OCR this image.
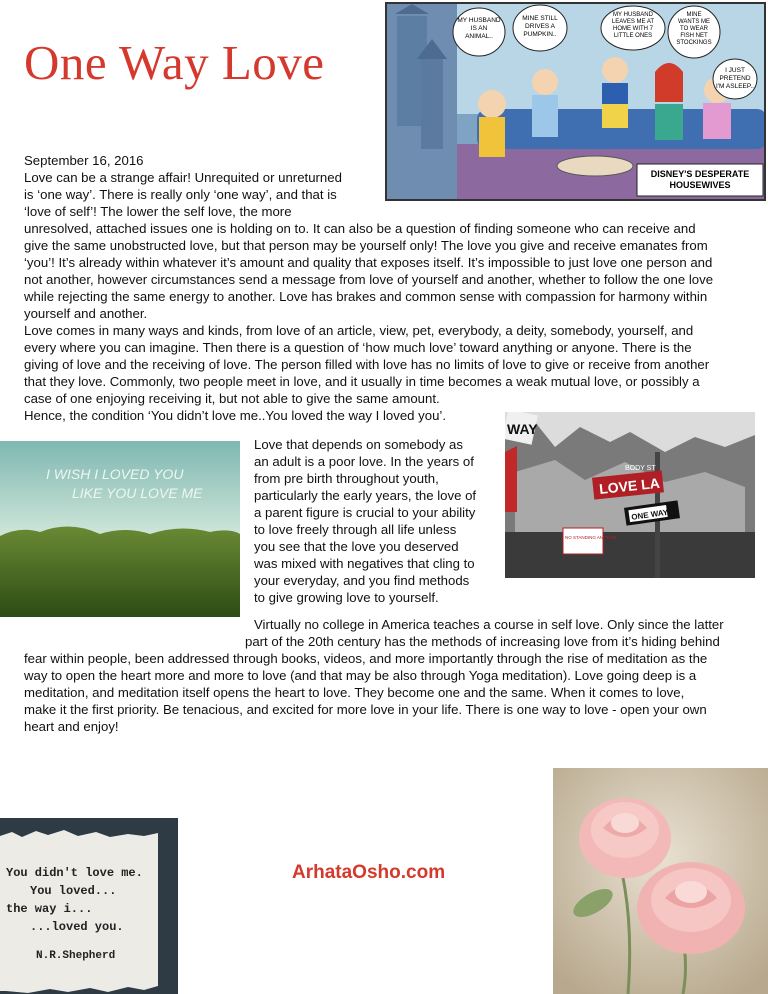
One Way Love
MY HUSBAND IS AN ANIMAL..
MINE STILL DRIVES A PUMPKIN..
MY HUSBAND LEAVES ME AT HOME WITH 7 LITTLE ONES
MINE WANTS ME TO WEAR FISH NET STOCKINGS
I JUST PRETEND I'M ASLEEP..
DISNEY'S DESPERATE HOUSEWIVES

September 16, 2016

Love can be a strange affair! Unrequited or unreturned

is ‘one way’. There is really only ‘one way’, and that is

‘love of self’! The lower the self love, the more

unresolved, attached issues one is holding on to. It can also be a question of finding someone who can receive and

give the same unobstructed love, but that person may be yourself only! The love you give and receive emanates from

‘you’! It’s already within whatever it’s amount and quality that exposes itself. It’s impossible to just love one person and

not another, however circumstances send a message from love of yourself and another, whether to follow the one love

while rejecting the same energy to another. Love has brakes and common sense with compassion for harmony within

yourself and another.

Love comes in many ways and kinds, from love of an article, view, pet, everybody, a deity, somebody, yourself, and

every where you can imagine. Then there is a question of ‘how much love’ toward anything or anyone. There is the

giving of love and the receiving of love. The person filled with love has no limits of love to give or receive from another

that they love. Commonly, two people meet in love, and it usually in time becomes a weak mutual love, or possibly a

case of one enjoying receiving it, but not able to give the same amount.

Hence, the condition ‘You didn’t love me..You loved the way I loved you’.

I WISH I LOVED YOU
LIKE YOU LOVE ME

Love that depends on somebody as

an adult is a poor love. In the years of

from pre birth throughout youth,

particularly the early years, the love of

a parent figure is crucial to your ability

to love freely through all life unless

you see that the love you deserved

was mixed with negatives that cling to

your everyday, and you find methods

to give growing love to yourself.

WAY
LOVE LA
BODY ST
ONE WAY
NO STANDING ANYTIME

Virtually no college in America teaches a course in self love. Only since the latter

part of the 20th century has the methods of increasing love from it’s hiding behind

fear within people, been addressed through books, videos, and more importantly through the rise of meditation as the

way to open the heart more and more to love (and that may be also through Yoga meditation). Love going deep is a

meditation, and meditation itself opens the heart to love. They become one and the same. When it comes to love,

make it the first priority. Be tenacious, and excited for more love in your life. There is one way to love - open your own

heart and enjoy!

You didn't love me.
You loved...
the way i...
...loved you.
N.R.Shepherd
ArhataOsho.com
